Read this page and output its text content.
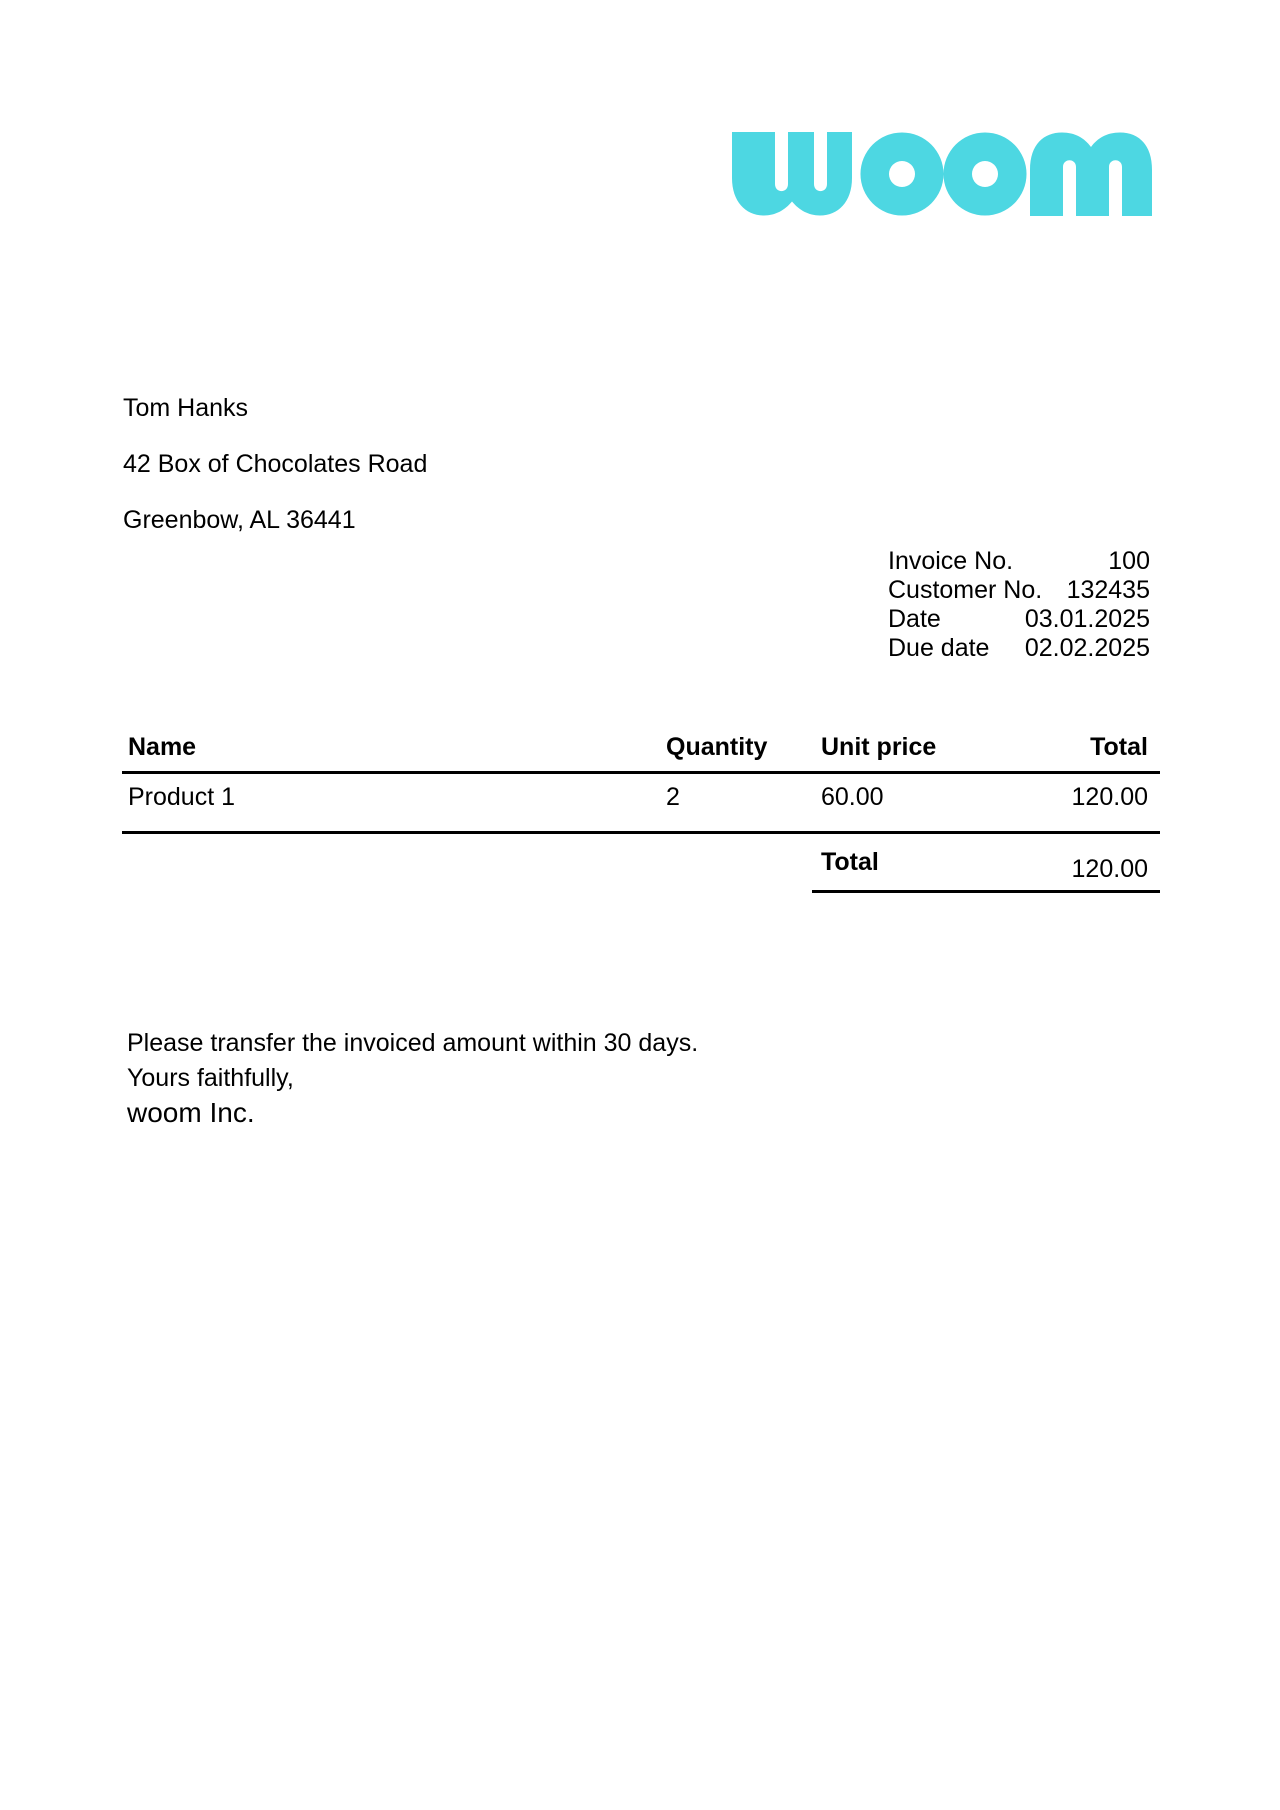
Tom Hanks

42 Box of Chocolates Road

Greenbow, AL 36441

Invoice No.	100
Customer No. 132435
Date	03.01.2025
Due date 02.02.2025
Name	Quantity Unit price	Total
Product 1	2	60.00	120.00
Total	120.00
Please transfer the invoiced amount within 30 days.
Yours faithfully,
woom Inc.
